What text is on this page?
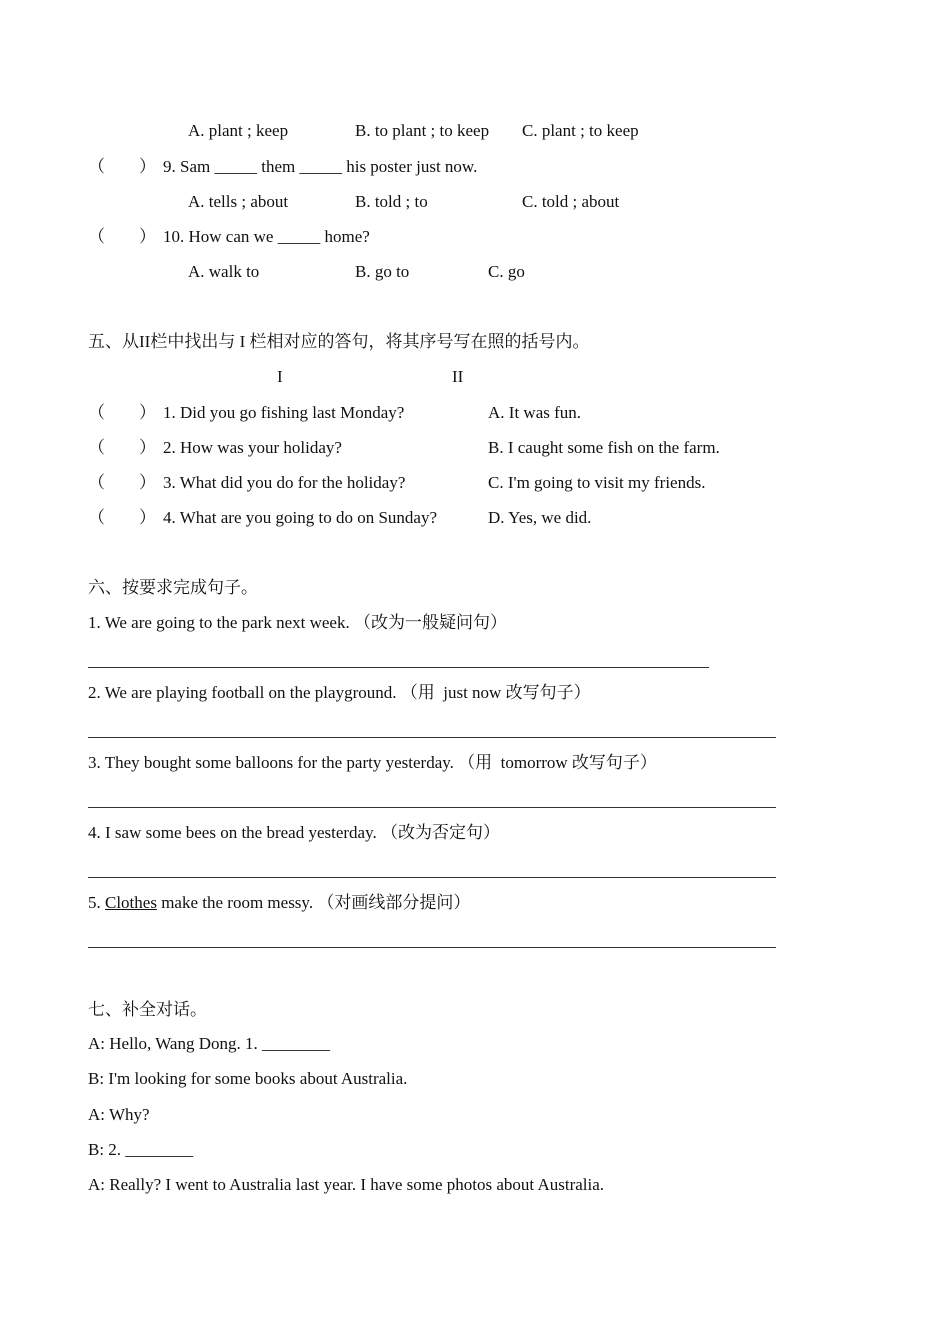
A. plant ; keep	B. to plant ; to keep C. plant ; to keep
（　　） 9. Sam _____ them _____ his poster just now.
A. tells ; about	B. told ; to	C. told ; about
（　　） 10. How can we _____ home?
A. walk to	B. go to	C. go
五、从II栏中找出与 I 栏相对应的答句，将其序号写在照的括号内。
I	II
（　　） 1. Did you go fishing last Monday?	A. It was fun.
（　　） 2. How was your holiday?	B. I caught some fish on the farm.
（　　） 3. What did you do for the holiday?	C. I'm going to visit my friends.
（　　） 4. What are you going to do on Sunday?	D. Yes, we did.
六、按要求完成句子。
1. We are going to the park next week. （改为一般疑问句）
2. We are playing football on the playground. （用  just now 改写句子）
3. They bought some balloons for the party yesterday. （用  tomorrow 改写句子）
4. I saw some bees on the bread yesterday. （改为否定句）
5. Clothes make the room messy. （对画线部分提问）
七、补全对话。
A: Hello, Wang Dong. 1. ________
B: I'm looking for some books about Australia.
A: Why?
B: 2. ________
A: Really? I went to Australia last year. I have some photos about Australia.
